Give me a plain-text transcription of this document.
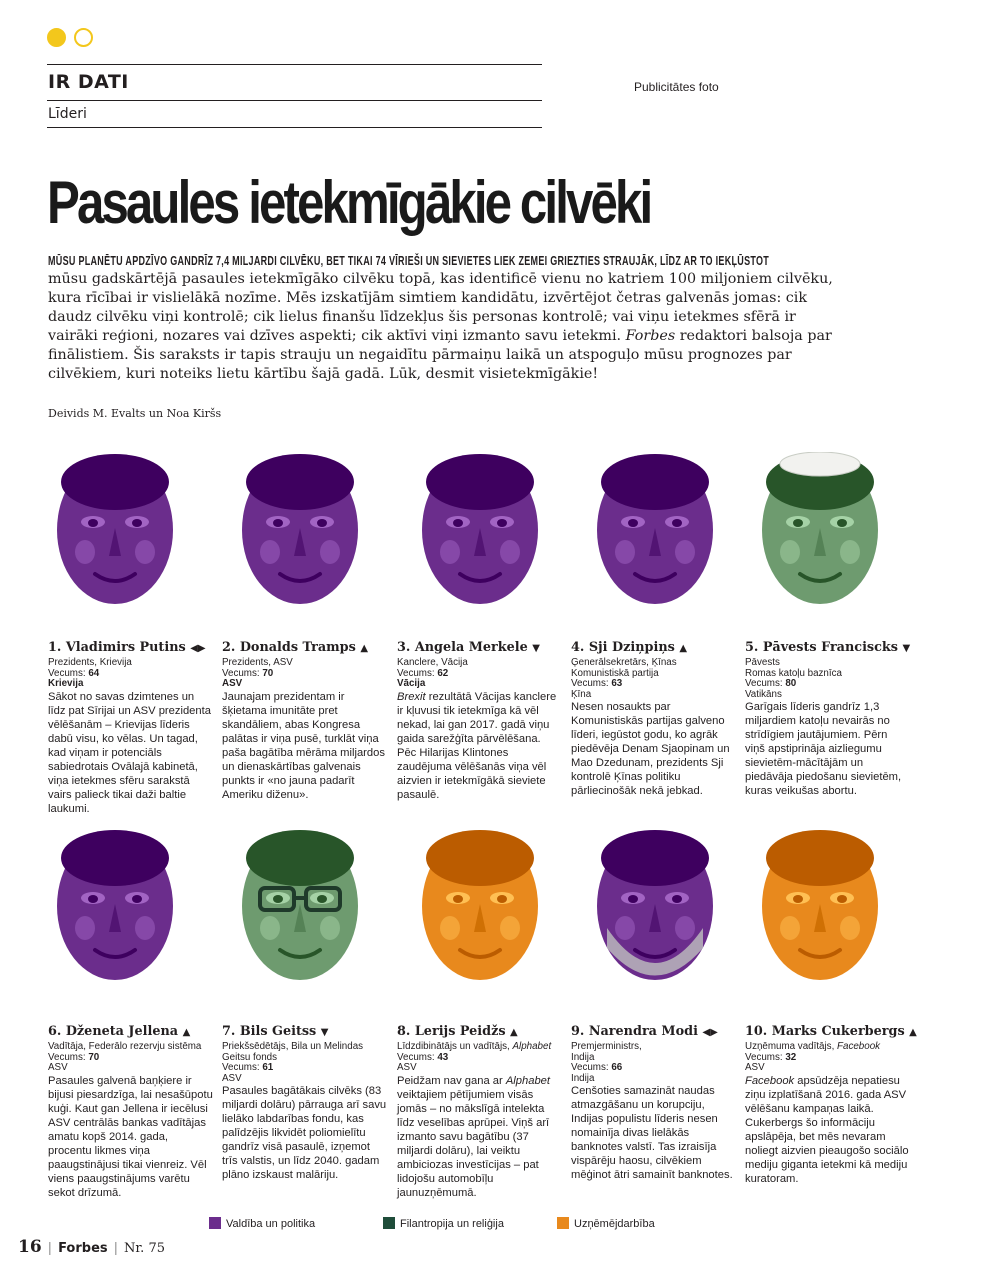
IR DATI
Līderi
Publicitātes foto
Pasaules ietekmīgākie cilvēki
MŪSU PLANĒTU APDZĪVO GANDRĪZ 7,4 MILJARDI CILVĒKU, BET TIKAI 74 VĪRIEŠI UN SIEVIETES LIEK ZEMEI GRIEZTIES STRAUJĀK, LĪDZ AR TO IEKĻŪSTOT
mūsu gadskārtējā pasaules ietekmīgāko cilvēku topā, kas identificē vienu no katriem 100 miljoniem cilvēku, kura rīcībai ir vislielākā nozīme. Mēs izskatījām simtiem kandidātu, izvērtējot četras galvenās jomas: cik daudz cilvēku viņi kontrolē; cik lielus finanšu līdzekļus šis personas kontrolē; vai viņu ietekmes sfērā ir vairāki reģioni, nozares vai dzīves aspekti; cik aktīvi viņi izmanto savu ietekmi. Forbes redaktori balsoja par finālistiem. Šis saraksts ir tapis strauju un negaidītu pārmaiņu laikā un atspoguļo mūsu prognozes par cilvēkiem, kuri noteiks lietu kārtību šajā gadā. Lūk, desmit visietekmīgākie!
Deivids M. Evalts un Noa Kiršs
1. Vladimirs Putins ◀▶
Prezidents, Krievija
Vecums: 64
Krievija
Sākot no savas dzimtenes un līdz pat Sīrijai un ASV prezidenta vēlēšanām – Krievijas līderis dabū visu, ko vēlas. Un tagad, kad viņam ir potenciāls sabiedrotais Ovālajā kabinetā, viņa ietekmes sfēru sarakstā vairs palieck tikai daži baltie laukumi.
2. Donalds Tramps ▲
Prezidents, ASV
Vecums: 70
ASV
Jaunajam prezidentam ir šķietama imunitāte pret skandāliem, abas Kongresa palātas ir viņa pusē, turklāt viņa paša bagātība mērāma miljardos un dienaskārtības galvenais punkts ir «no jauna padarīt Ameriku diženu».
3. Angela Merkele ▼
Kanclere, Vācija
Vecums: 62
Vācija
Brexit rezultātā Vācijas kanclere ir kļuvusi tik ietekmīga kā vēl nekad, lai gan 2017. gadā viņu gaida sarežģīta pārvēlēšana. Pēc Hilarijas Klintones zaudējuma vēlēšanās viņa vēl aizvien ir ietekmīgākā sieviete pasaulē.
4. Sji Dziņpiņs ▲
Ģenerālsekretārs, Ķīnas Komunistiskā partija
Vecums: 63
Ķīna
Nesen nosaukts par Komunistiskās partijas galveno līderi, iegūstot godu, ko agrāk piedēvēja Denam Sjaopinam un Mao Dzedunam, prezidents Sji kontrolē Ķīnas politiku pārliecinošāk nekā jebkad.
5. Pāvests Franciscks ▼
Pāvests
Romas katoļu baznīca
Vecums: 80
Vatikāns
Garīgais līderis gandrīz 1,3 miljardiem katoļu nevairās no strīdīgiem jautājumiem. Pērn viņš apstiprināja aizliegumu sievietēm-mācītājām un piedāvāja piedošanu sievietēm, kuras veikušas abortu.
6. Dženeta Jellena ▲
Vadītāja, Federālo rezervju sistēma
Vecums: 70
ASV
Pasaules galvenā baņķiere ir bijusi piesardzīga, lai nesašūpotu kuģi. Kaut gan Jellena ir iecēlusi ASV centrālās bankas vadītājas amatu kopš 2014. gada, procentu likmes viņa paaugstinājusi tikai vienreiz. Vēl viens paaugstinājums varētu sekot drīzumā.
7. Bils Geitss ▼
Priekšsēdētājs, Bila un Melindas Geitsu fonds
Vecums: 61
ASV
Pasaules bagātākais cilvēks (83 miljardi dolāru) pārrauga arī savu lielāko labdarības fondu, kas palīdzējis likvidēt poliomielītu gandrīz visā pasaulē, izņemot trīs valstis, un līdz 2040. gadam plāno izskaust malāriju.
8. Lerijs Peidžs ▲
Līdzdibinātājs un vadītājs, Alphabet
Vecums: 43
ASV
Peidžam nav gana ar Alphabet veiktajiem pētījumiem visās jomās – no mākslīgā intelekta līdz veselības aprūpei. Viņš arī izmanto savu bagātību (37 miljardi dolāru), lai veiktu ambiciozas investīcijas – pat lidojošu automobīļu jaunuzņēmumā.
9. Narendra Modi ◀▶
Premjerministrs,
Indija
Vecums: 66
Indija
Cenšoties samazināt naudas atmazgāšanu un korupciju, Indijas populistu līderis nesen nomainīja divas lielākās banknotes valstī. Tas izraisīja vispārēju haosu, cilvēkiem mēģinot ātri samainīt banknotes.
10. Marks Cukerbergs ▲
Uzņēmuma vadītājs, Facebook
Vecums: 32
ASV
Facebook apsūdzēja nepatiesu ziņu izplatīšanā 2016. gada ASV vēlēšanu kampaņas laikā. Cukerbergs šo informāciju apslāpēja, bet mēs nevaram noliegt aizvien pieaugošo sociālo mediju giganta ietekmi kā mediju kuratoram.
Valdība un politika	Filantropija un reliģija	Uzņēmējdarbība
16 | Forbes | Nr. 75
